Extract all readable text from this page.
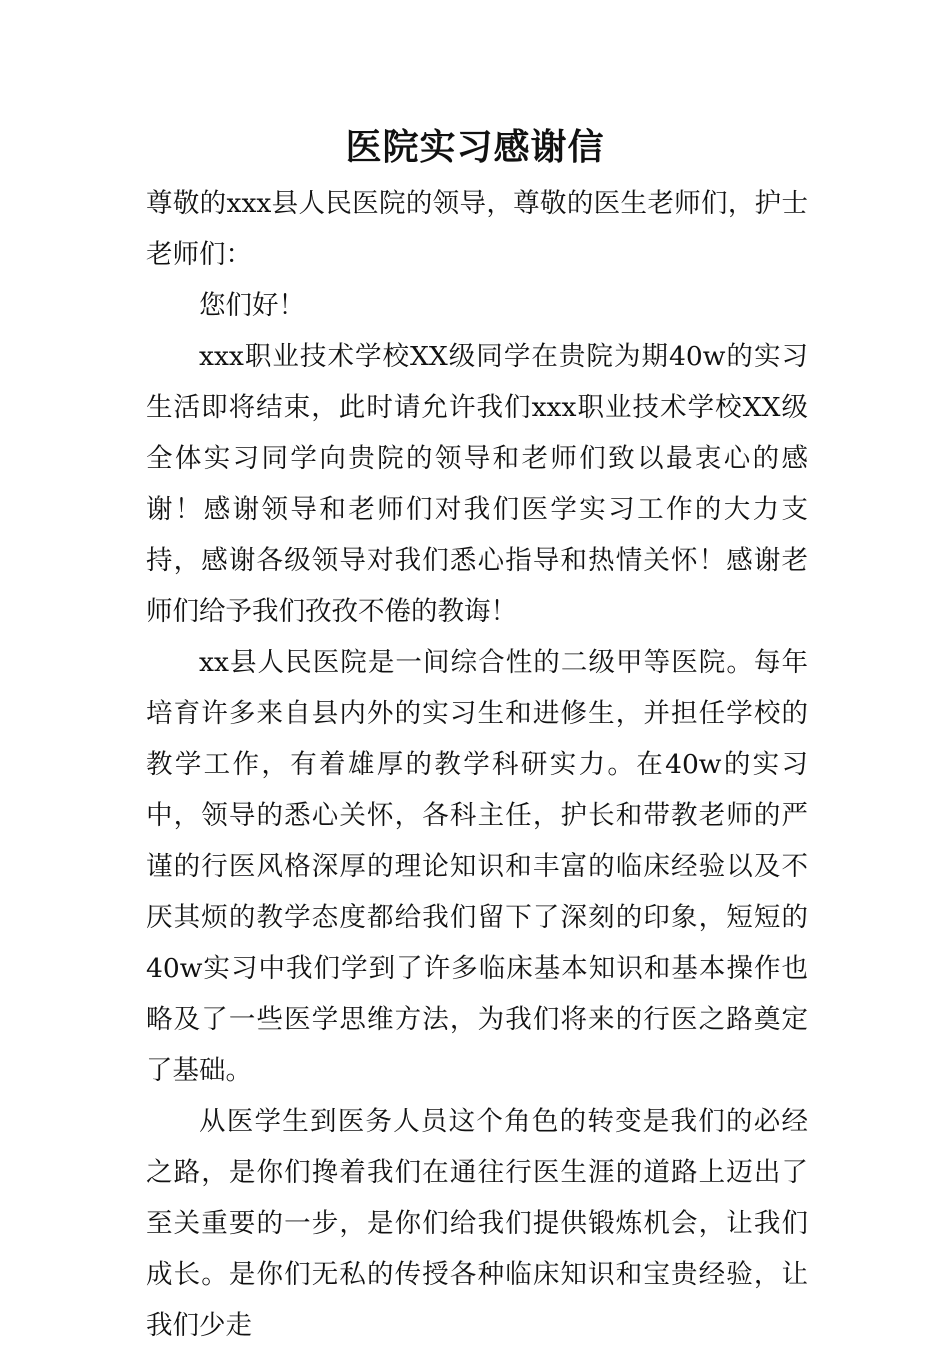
医院实习感谢信

尊敬的xxx县人民医院的领导，尊敬的医生老师们，护士老师们：

您们好！

xxx职业技术学校XX级同学在贵院为期40w的实习生活即将结束，此时请允许我们xxx职业技术学校XX级全体实习同学向贵院的领导和老师们致以最衷心的感谢！感谢领导和老师们对我们医学实习工作的大力支持，感谢各级领导对我们悉心指导和热情关怀！感谢老师们给予我们孜孜不倦的教诲！

xx县人民医院是一间综合性的二级甲等医院。每年培育许多来自县内外的实习生和进修生，并担任学校的教学工作，有着雄厚的教学科研实力。在40w的实习中，领导的悉心关怀，各科主任，护长和带教老师的严谨的行医风格深厚的理论知识和丰富的临床经验以及不厌其烦的教学态度都给我们留下了深刻的印象，短短的40w实习中我们学到了许多临床基本知识和基本操作也略及了一些医学思维方法，为我们将来的行医之路奠定了基础。

从医学生到医务人员这个角色的转变是我们的必经之路，是你们搀着我们在通往行医生涯的道路上迈出了至关重要的一步，是你们给我们提供锻炼机会，让我们成长。是你们无私的传授各种临床知识和宝贵经验，让我们少走
